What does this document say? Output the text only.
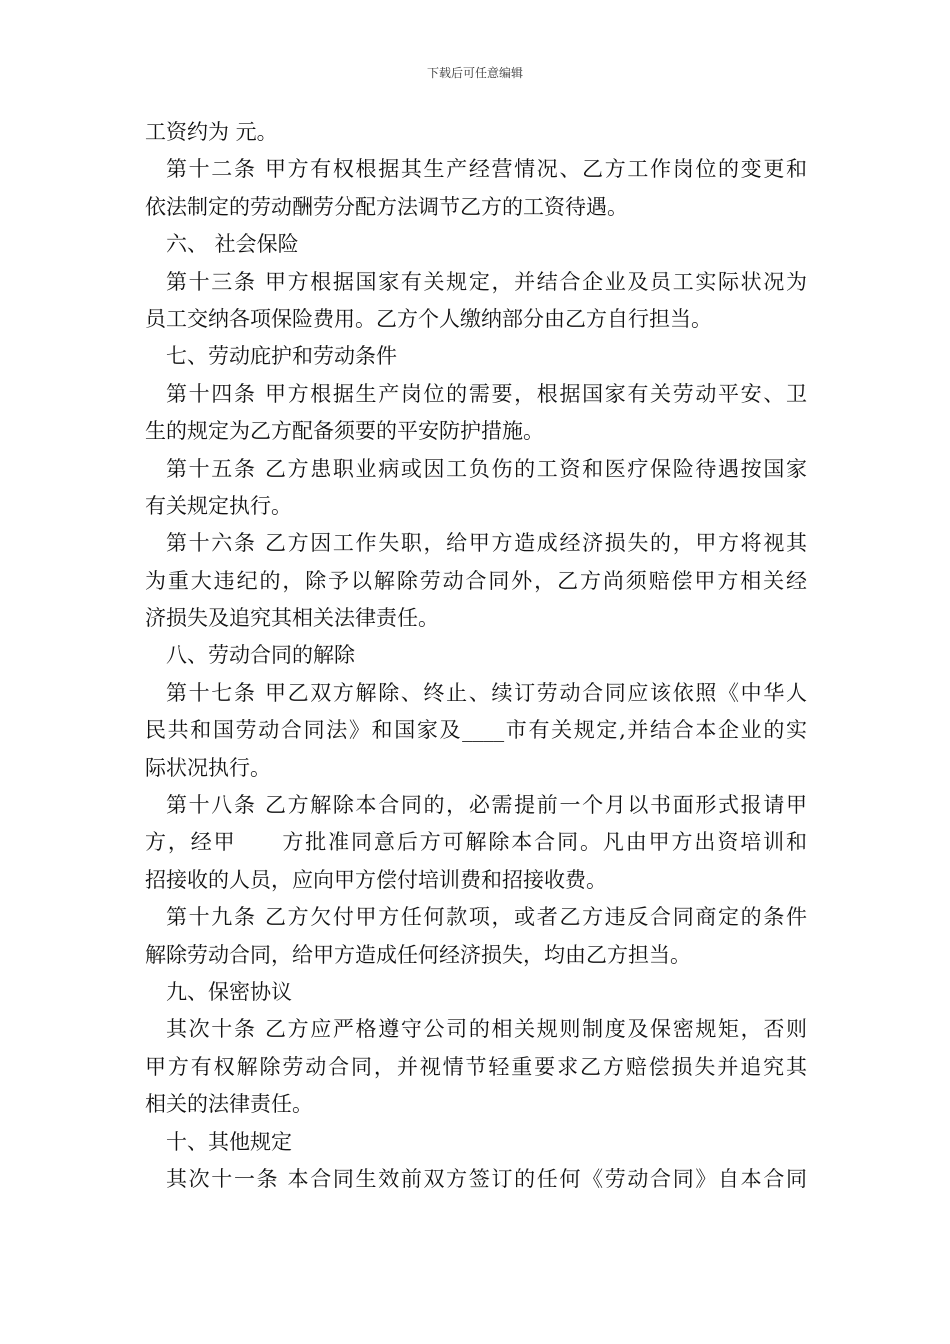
下载后可任意编辑
工资约为 元。
第十二条 甲方有权根据其生产经营情况、乙方工作岗位的变更和
依法制定的劳动酬劳分配方法调节乙方的工资待遇。
六、 社会保险
第十三条 甲方根据国家有关规定，并结合企业及员工实际状况为
员工交纳各项保险费用。乙方个人缴纳部分由乙方自行担当。
七、劳动庇护和劳动条件
第十四条 甲方根据生产岗位的需要，根据国家有关劳动平安、卫
生的规定为乙方配备须要的平安防护措施。
第十五条 乙方患职业病或因工负伤的工资和医疗保险待遇按国家
有关规定执行。
第十六条 乙方因工作失职，给甲方造成经济损失的，甲方将视其
为重大违纪的，除予以解除劳动合同外，乙方尚须赔偿甲方相关经
济损失及追究其相关法律责任。
八、劳动合同的解除
第十七条 甲乙双方解除、终止、续订劳动合同应该依照《中华人
民共和国劳动合同法》和国家及____市有关规定,并结合本企业的实
际状况执行。
第十八条 乙方解除本合同的，必需提前一个月以书面形式报请甲
方，经甲　　方批准同意后方可解除本合同。凡由甲方出资培训和
招接收的人员，应向甲方偿付培训费和招接收费。
第十九条 乙方欠付甲方任何款项，或者乙方违反合同商定的条件
解除劳动合同，给甲方造成任何经济损失，均由乙方担当。
九、保密协议
其次十条 乙方应严格遵守公司的相关规则制度及保密规矩，否则
甲方有权解除劳动合同，并视情节轻重要求乙方赔偿损失并追究其
相关的法律责任。
十、其他规定
其次十一条 本合同生效前双方签订的任何《劳动合同》自本合同
